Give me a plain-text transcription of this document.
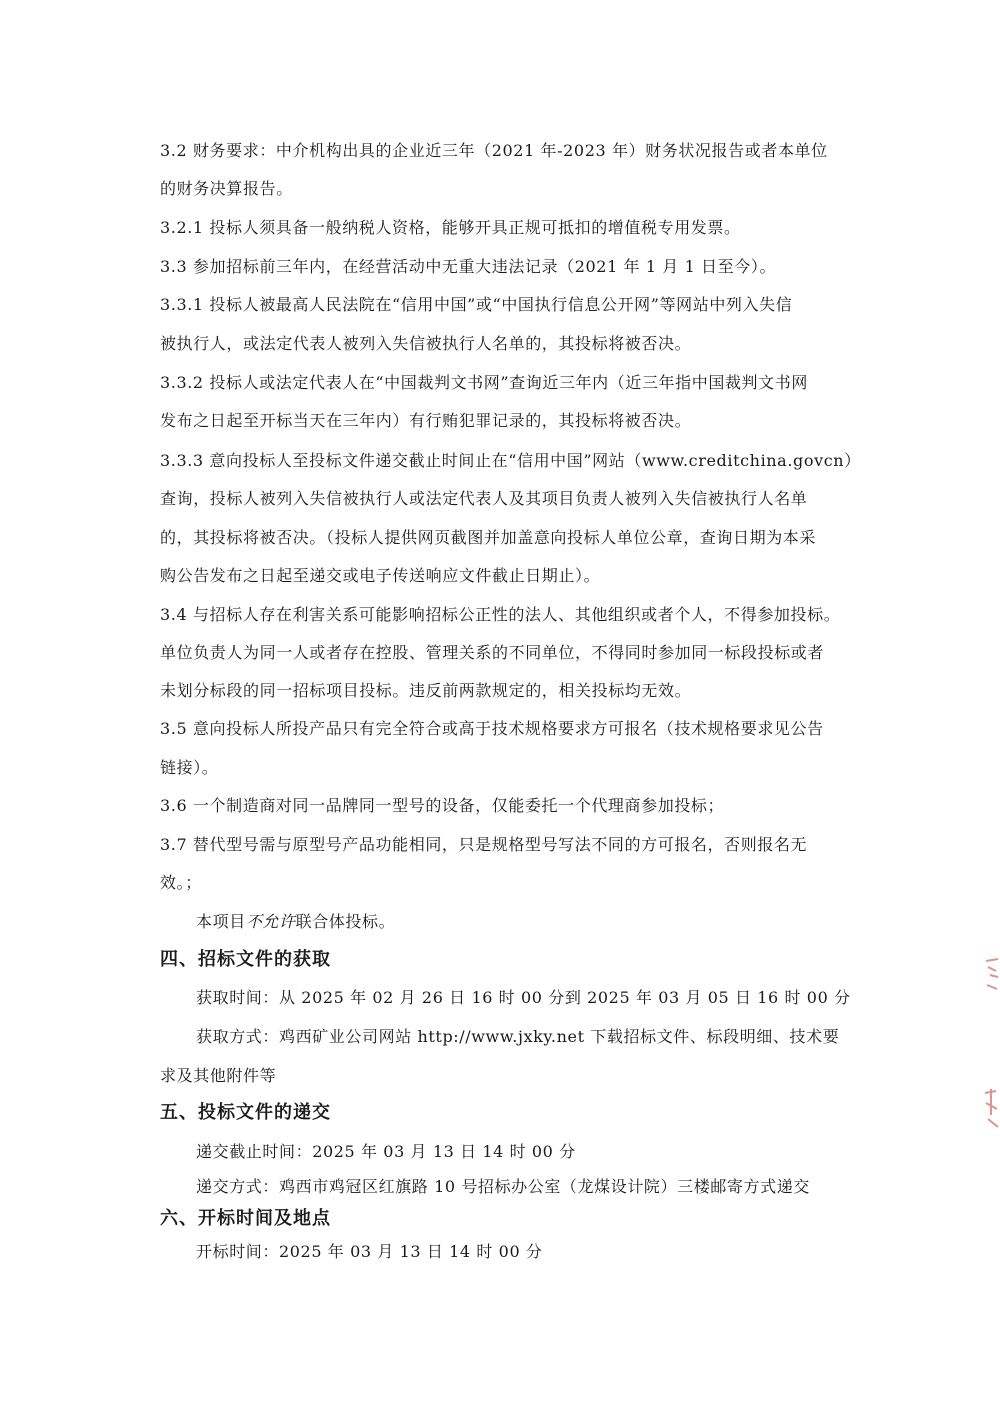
3.2 财务要求：中介机构出具的企业近三年（2021 年-2023 年）财务状况报告或者本单位
的财务决算报告。
3.2.1 投标人须具备一般纳税人资格，能够开具正规可抵扣的增值税专用发票。
3.3 参加招标前三年内，在经营活动中无重大违法记录（2021 年 1 月 1 日至今）。
3.3.1 投标人被最高人民法院在“信用中国”或“中国执行信息公开网”等网站中列入失信
被执行人，或法定代表人被列入失信被执行人名单的，其投标将被否决。
3.3.2 投标人或法定代表人在“中国裁判文书网”查询近三年内（近三年指中国裁判文书网
发布之日起至开标当天在三年内）有行贿犯罪记录的，其投标将被否决。
3.3.3 意向投标人至投标文件递交截止时间止在“信用中国”网站（www.creditchina.govcn）
查询，投标人被列入失信被执行人或法定代表人及其项目负责人被列入失信被执行人名单
的，其投标将被否决。（投标人提供网页截图并加盖意向投标人单位公章，查询日期为本采
购公告发布之日起至递交或电子传送响应文件截止日期止）。
3.4 与招标人存在利害关系可能影响招标公正性的法人、其他组织或者个人，不得参加投标。
单位负责人为同一人或者存在控股、管理关系的不同单位，不得同时参加同一标段投标或者
未划分标段的同一招标项目投标。违反前两款规定的，相关投标均无效。
3.5 意向投标人所投产品只有完全符合或高于技术规格要求方可报名（技术规格要求见公告
链接）。
3.6 一个制造商对同一品牌同一型号的设备，仅能委托一个代理商参加投标；
3.7 替代型号需与原型号产品功能相同，只是规格型号写法不同的方可报名，否则报名无
效。；
本项目不允许联合体投标。
四、招标文件的获取
获取时间：从 2025 年 02 月 26 日 16 时 00 分到 2025 年 03 月 05 日 16 时 00 分
获取方式：鸡西矿业公司网站 http://www.jxky.net 下载招标文件、标段明细、技术要
求及其他附件等
五、投标文件的递交
递交截止时间：2025 年 03 月 13 日 14 时 00 分
递交方式：鸡西市鸡冠区红旗路 10 号招标办公室（龙煤设计院）三楼邮寄方式递交
六、开标时间及地点
开标时间：2025 年 03 月 13 日 14 时 00 分
